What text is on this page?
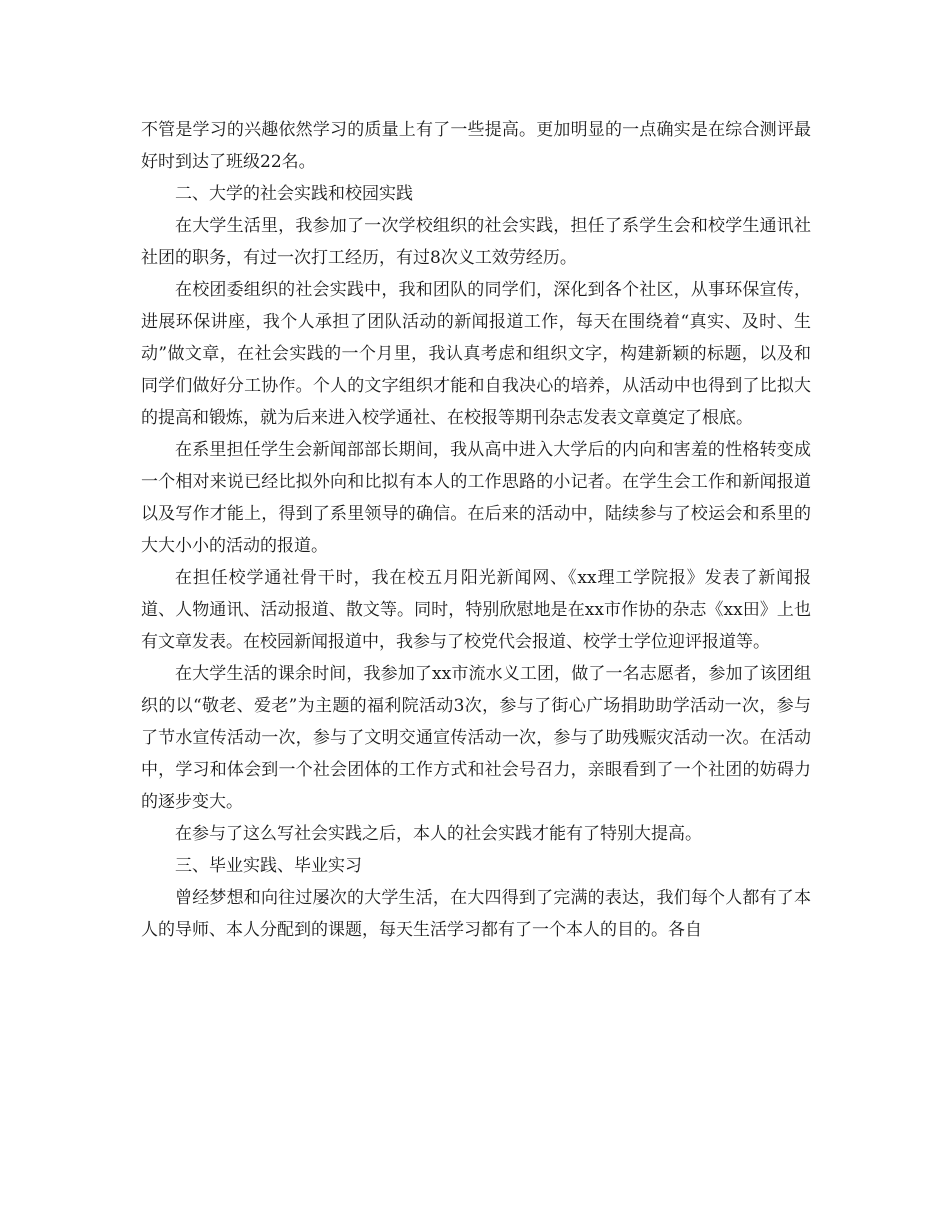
不管是学习的兴趣依然学习的质量上有了一些提高。更加明显的一点确实是在综合测评最好时到达了班级22名。

二、大学的社会实践和校园实践

在大学生活里，我参加了一次学校组织的社会实践，担任了系学生会和校学生通讯社社团的职务，有过一次打工经历，有过8次义工效劳经历。

在校团委组织的社会实践中，我和团队的同学们，深化到各个社区，从事环保宣传，进展环保讲座，我个人承担了团队活动的新闻报道工作，每天在围绕着“真实、及时、生动”做文章，在社会实践的一个月里，我认真考虑和组织文字，构建新颖的标题，以及和同学们做好分工协作。个人的文字组织才能和自我决心的培养，从活动中也得到了比拟大的提高和锻炼，就为后来进入校学通社、在校报等期刊杂志发表文章奠定了根底。

在系里担任学生会新闻部部长期间，我从高中进入大学后的内向和害羞的性格转变成一个相对来说已经比拟外向和比拟有本人的工作思路的小记者。在学生会工作和新闻报道以及写作才能上，得到了系里领导的确信。在后来的活动中，陆续参与了校运会和系里的大大小小的活动的报道。

在担任校学通社骨干时，我在校五月阳光新闻网、《xx理工学院报》发表了新闻报道、人物通讯、活动报道、散文等。同时，特别欣慰地是在xx市作协的杂志《xx田》上也有文章发表。在校园新闻报道中，我参与了校党代会报道、校学士学位迎评报道等。

在大学生活的课余时间，我参加了xx市流水义工团，做了一名志愿者，参加了该团组织的以“敬老、爱老”为主题的福利院活动3次，参与了街心广场捐助助学活动一次，参与了节水宣传活动一次，参与了文明交通宣传活动一次，参与了助残赈灾活动一次。在活动中，学习和体会到一个社会团体的工作方式和社会号召力，亲眼看到了一个社团的妨碍力的逐步变大。

在参与了这么写社会实践之后，本人的社会实践才能有了特别大提高。

三、毕业实践、毕业实习

曾经梦想和向往过屡次的大学生活，在大四得到了完满的表达，我们每个人都有了本人的导师、本人分配到的课题，每天生活学习都有了一个本人的目的。各自
